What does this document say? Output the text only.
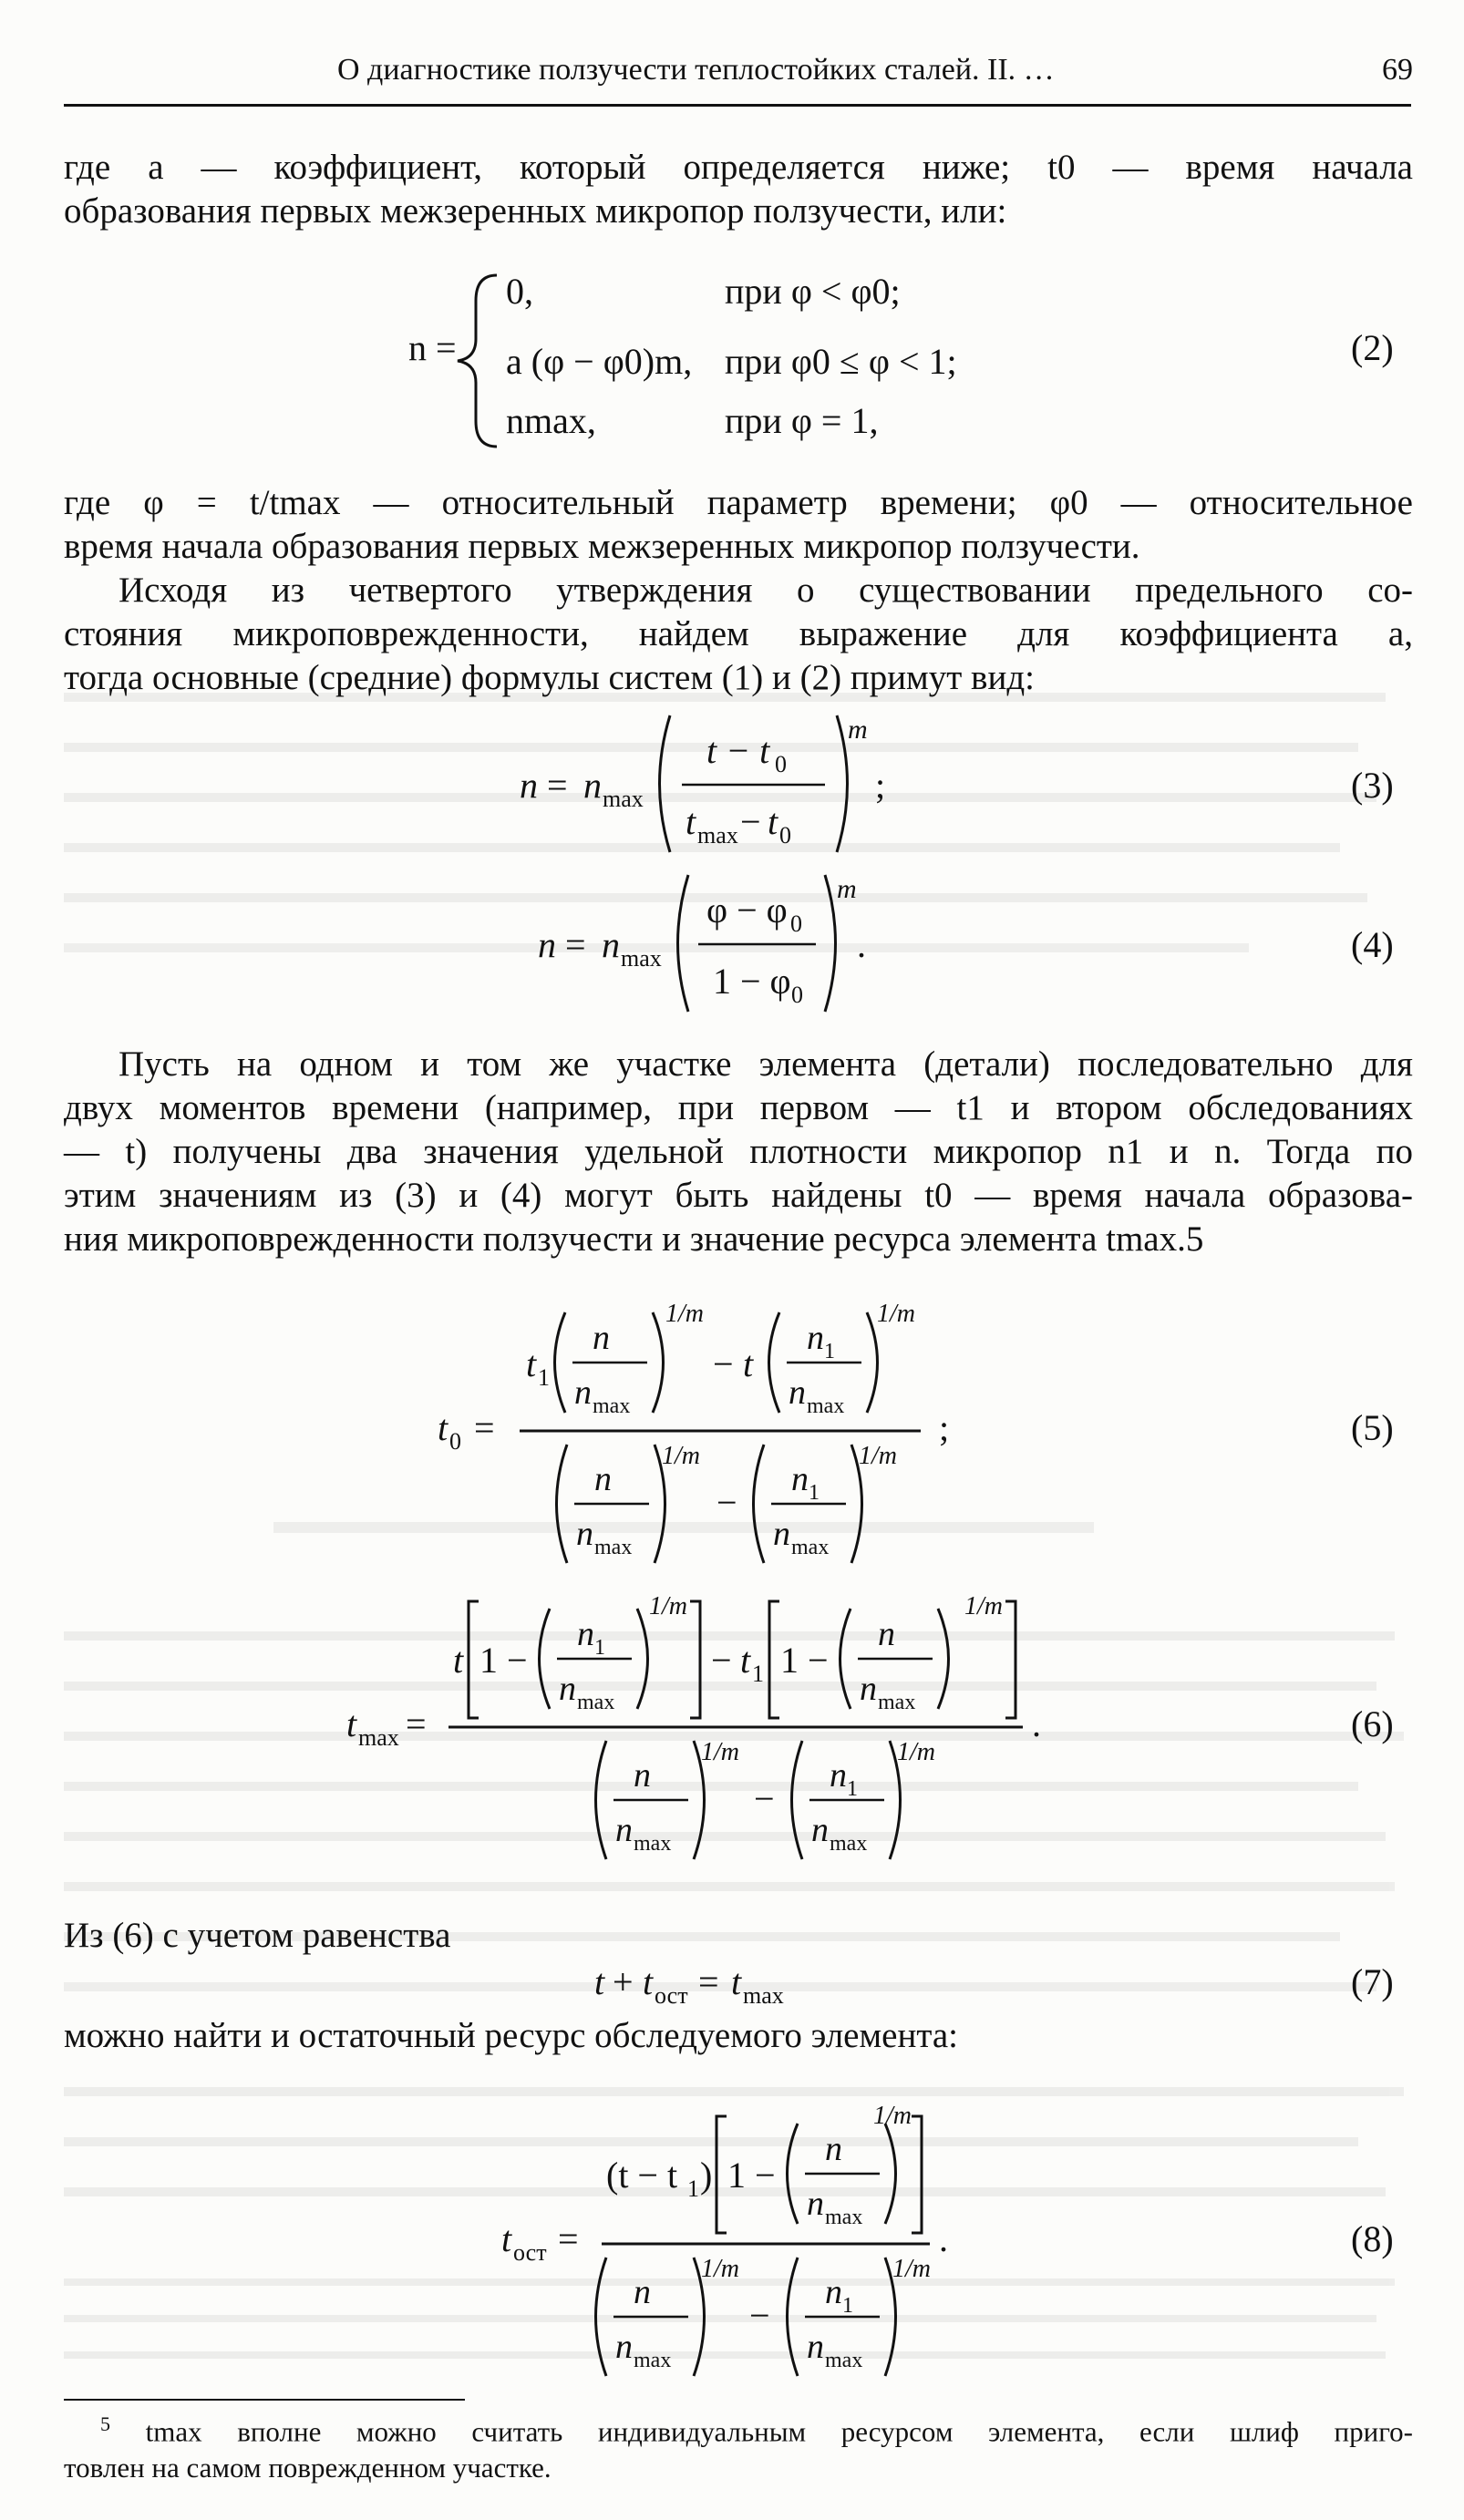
О диагностике ползучести теплостойких сталей. II. …	69

где a — коэффициент, который определяется ниже; t0 — время начала
образования первых межзеренных микропор ползучести, или:

n =
0,	при φ < φ0;
a (φ − φ0)m, при φ0 ≤ φ < 1;
nmax,	при φ = 1,
(2)

где φ = t/tmax — относительный параметр времени; φ0 — относительное
время начала образования первых межзеренных микропор ползучести.

Исходя из четвертого утверждения о существовании предельного со-
стояния микроповрежденности, найдем выражение для коэффициента a,
тогда основные (средние) формулы систем (1) и (2) примут вид:

n = n max
t − t 0
t max − t 0
m
;	(3)
n = n max
φ − φ 0
1 − φ 0
m
.	(4)

Пусть на одном и том же участке элемента (детали) последовательно для
двух моментов времени (например, при первом — t1 и втором обследованиях
— t) получены два значения удельной плотности микропор n1 и n. Тогда по
этим значениям из (3) и (4) могут быть найдены t0 — время начала образова-
ния микроповрежденности ползучести и значение ресурса элемента tmax.5

t 0 =
t 1
n
n max
1/m
− t
n 1
n max
1/m
n
n max
1/m
−
n 1
n max
1/m
;	(5)
t max =
t 1 −
n 1
n max
1/m
− t 1 1 −
n
n max
1/m
n
n max
1/m
−
n 1
n max
1/m
.	(6)

Из (6) с учетом равенства

t + t ост = t max	(7)

можно найти и остаточный ресурс обследуемого элемента:

t ост =
(t − t 1 ) 1 −
n
n max
1/m
n
n max
1/m
−
n 1
n max
1/m
.	(8)

$^5$ tmax вполне можно считать индивидуальным ресурсом элемента, если шлиф приго-
товлен на самом поврежденном участке.
